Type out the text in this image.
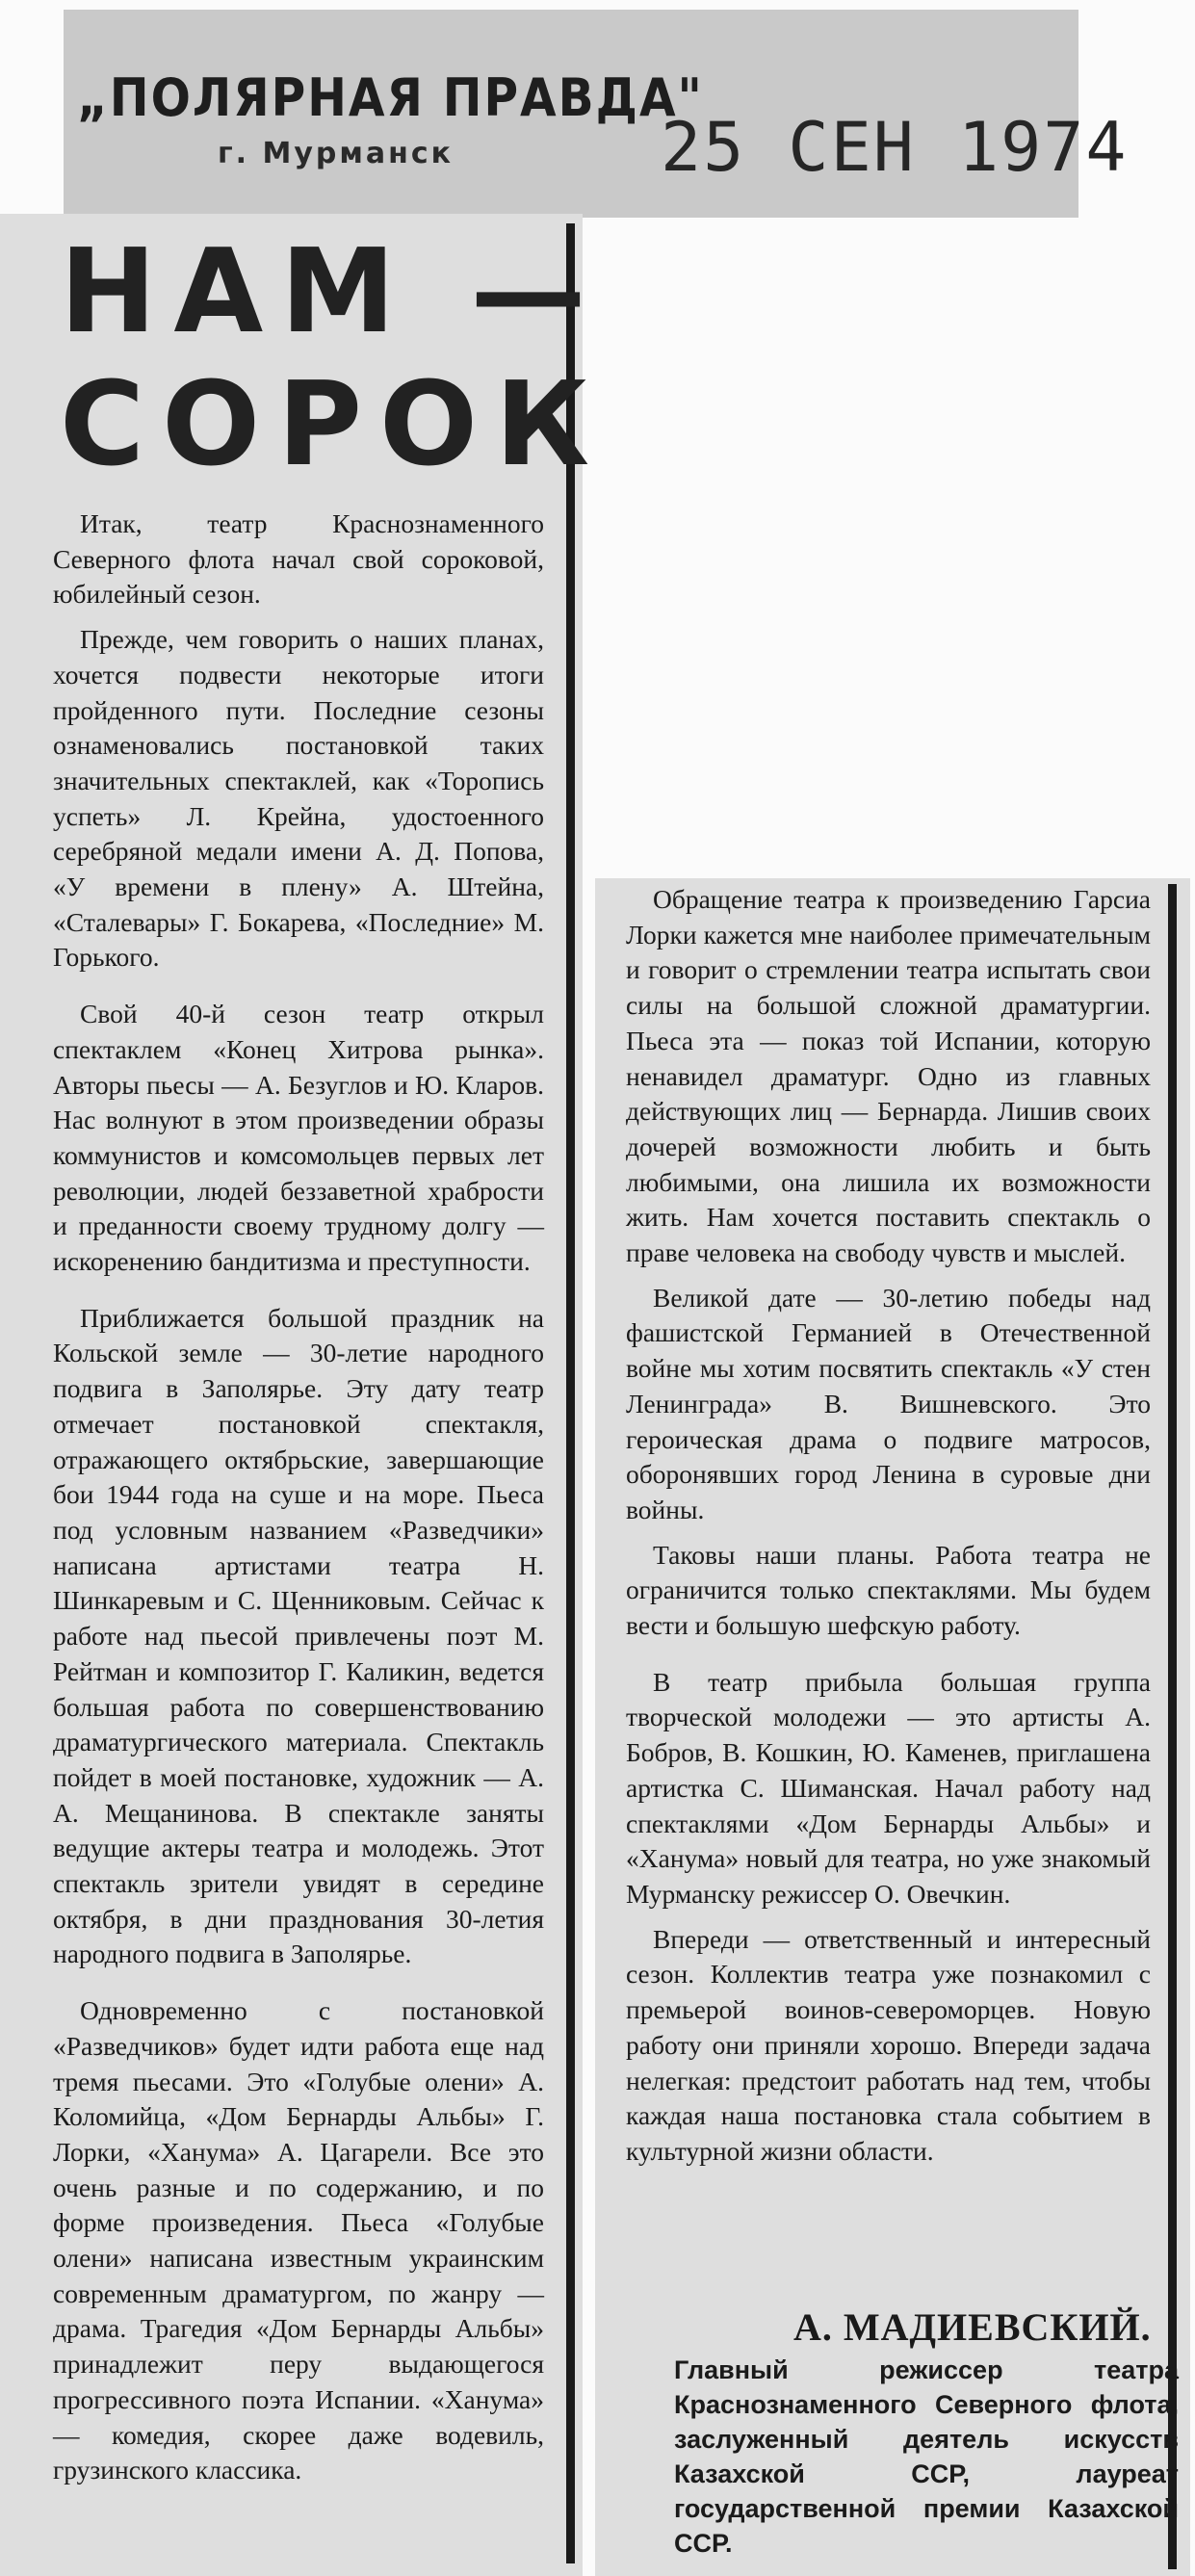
„ПОЛЯРНАЯ ПРАВДА"
г. Мурманск	25 СЕН 1974
НАМ —
СОРОК

Итак, театр Краснознаменного Северного флота начал свой сороковой, юбилейный сезон.

Прежде, чем говорить о наших планах, хочется подвести некоторые итоги пройденного пути. Последние сезоны ознаменовались постановкой таких значительных спектаклей, как «Торопись успеть» Л. Крейна, удостоенного серебряной медали имени А. Д. Попова, «У времени в плену» А. Штейна, «Сталевары» Г. Бокарева, «Последние» М. Горького.

Свой 40-й сезон театр открыл спектаклем «Конец Хитрова рынка». Авторы пьесы — А. Безуглов и Ю. Кларов. Нас волнуют в этом произведении образы коммунистов и комсомольцев первых лет революции, людей беззаветной храбрости и преданности своему трудному долгу — искоренению бандитизма и преступности.

Приближается большой праздник на Кольской земле — 30-летие народного подвига в Заполярье. Эту дату театр отмечает постановкой спектакля, отражающего октябрьские, завершающие бои 1944 года на суше и на море. Пьеса под условным названием «Разведчики» написана артистами театра Н. Шинкаревым и С. Щенниковым. Сейчас к работе над пьесой привлечены поэт М. Рейтман и композитор Г. Каликин, ведется большая работа по совершенствованию драматургического материала. Спектакль пойдет в моей постановке, художник — А. А. Мещанинова. В спектакле заняты ведущие актеры театра и молодежь. Этот спектакль зрители увидят в середине октября, в дни празднования 30-летия народного подвига в Заполярье.

Одновременно с постановкой «Разведчиков» будет идти работа еще над тремя пьесами. Это «Голубые олени» А. Коломийца, «Дом Бернарды Альбы» Г. Лорки, «Ханума» А. Цагарели. Все это очень разные и по содержанию, и по форме произведения. Пьеса «Голубые олени» написана известным украинским современным драматургом, по жанру — драма. Трагедия «Дом Бернарды Альбы» принадлежит перу выдающегося прогрессивного поэта Испании. «Ханума» — комедия, скорее даже водевиль, грузинского классика.

Обращение театра к произведению Гарсиа Лорки кажется мне наиболее примечательным и говорит о стремлении театра испытать свои силы на большой сложной драматургии. Пьеса эта — показ той Испании, которую ненавидел драматург. Одно из главных действующих лиц — Бернарда. Лишив своих дочерей возможности любить и быть любимыми, она лишила их возможности жить. Нам хочется поставить спектакль о праве человека на свободу чувств и мыслей.

Великой дате — 30-летию победы над фашистской Германией в Отечественной войне мы хотим посвятить спектакль «У стен Ленинграда» В. Вишневского. Это героическая драма о подвиге матросов, оборонявших город Ленина в суровые дни войны.

Таковы наши планы. Работа театра не ограничится только спектаклями. Мы будем вести и большую шефскую работу.

В театр прибыла большая группа творческой молодежи — это артисты А. Бобров, В. Кошкин, Ю. Каменев, приглашена артистка С. Шиманская. Начал работу над спектаклями «Дом Бернарды Альбы» и «Ханума» новый для театра, но уже знакомый Мурманску режиссер О. Овечкин.

Впереди — ответственный и интересный сезон. Коллектив театра уже познакомил с премьерой воинов-североморцев. Новую работу они приняли хорошо. Впереди задача нелегкая: предстоит работать над тем, чтобы каждая наша постановка стала событием в культурной жизни области.

А. МАДИЕВСКИЙ.
Главный режиссер театра Краснознаменного Северного флота, заслуженный деятель искусств Казахской ССР, лауреат государственной премии Казахской ССР.
